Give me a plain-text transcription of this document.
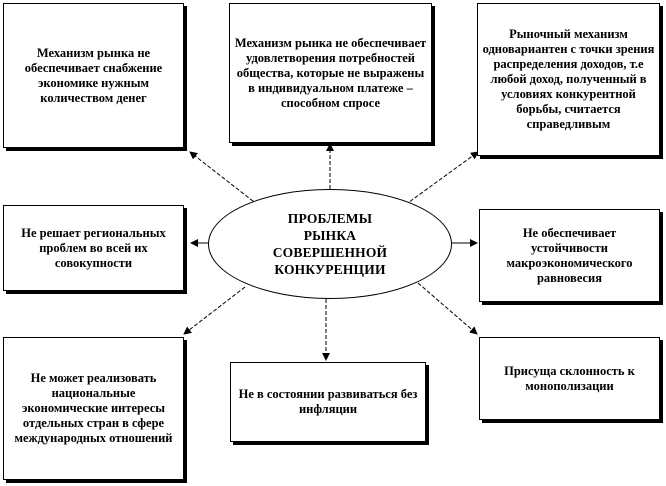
Механизм рынка не обеспечивает снабжение экономике нужным количеством денег
Механизм рынка не обеспечивает удовлетворения потребностей общества, которые не выражены в индивидуальном платеже – способном спросе
Рыночный механизм одновариантен с точки зрения распределения доходов, т.е любой доход, полученный в условиях конкурентной борьбы, считается справедливым
Не решает региональных проблем во всей их совокупности
Не обеспечивает устойчивости макроэкономического равновесия
Не может реализовать национальные экономические интересы отдельных стран в сфере международных отношений
Не в состоянии развиваться без инфляции
Присуща склонность к монополизации
ПРОБЛЕМЫ РЫНКА СОВЕРШЕННОЙ КОНКУРЕНЦИИ
